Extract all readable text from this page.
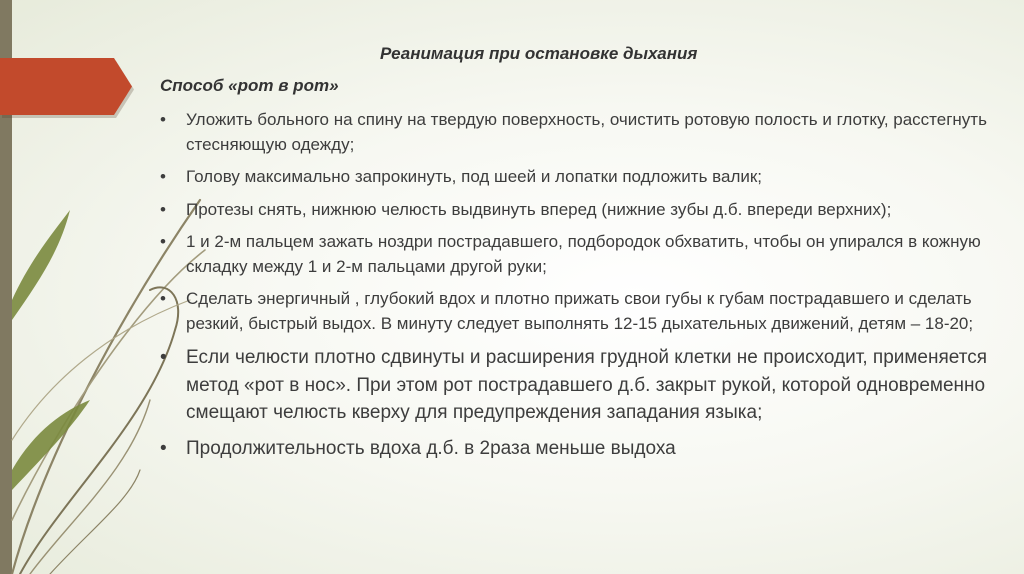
Реанимация при остановке дыхания
Способ «рот в рот»
• Уложить больного на спину на твердую поверхность, очистить ротовую полость и глотку, расстегнуть стесняющую одежду;
• Голову максимально запрокинуть, под шеей и лопатки подложить валик;
• Протезы снять, нижнюю челюсть выдвинуть вперед (нижние зубы д.б. впереди верхних);
• 1 и 2-м пальцем зажать ноздри пострадавшего, подбородок обхватить, чтобы он упирался в кожную складку между 1 и 2-м пальцами другой руки;
• Сделать энергичный , глубокий вдох и плотно прижать свои губы к губам пострадавшего и сделать резкий, быстрый выдох. В минуту следует выполнять 12-15 дыхательных движений, детям – 18-20;
• Если челюсти плотно сдвинуты и расширения грудной клетки не происходит, применяется метод «рот в нос». При этом рот пострадавшего д.б. закрыт рукой, которой одновременно смещают челюсть кверху для предупреждения западания языка;
• Продолжительность вдоха д.б. в 2раза меньше выдоха
